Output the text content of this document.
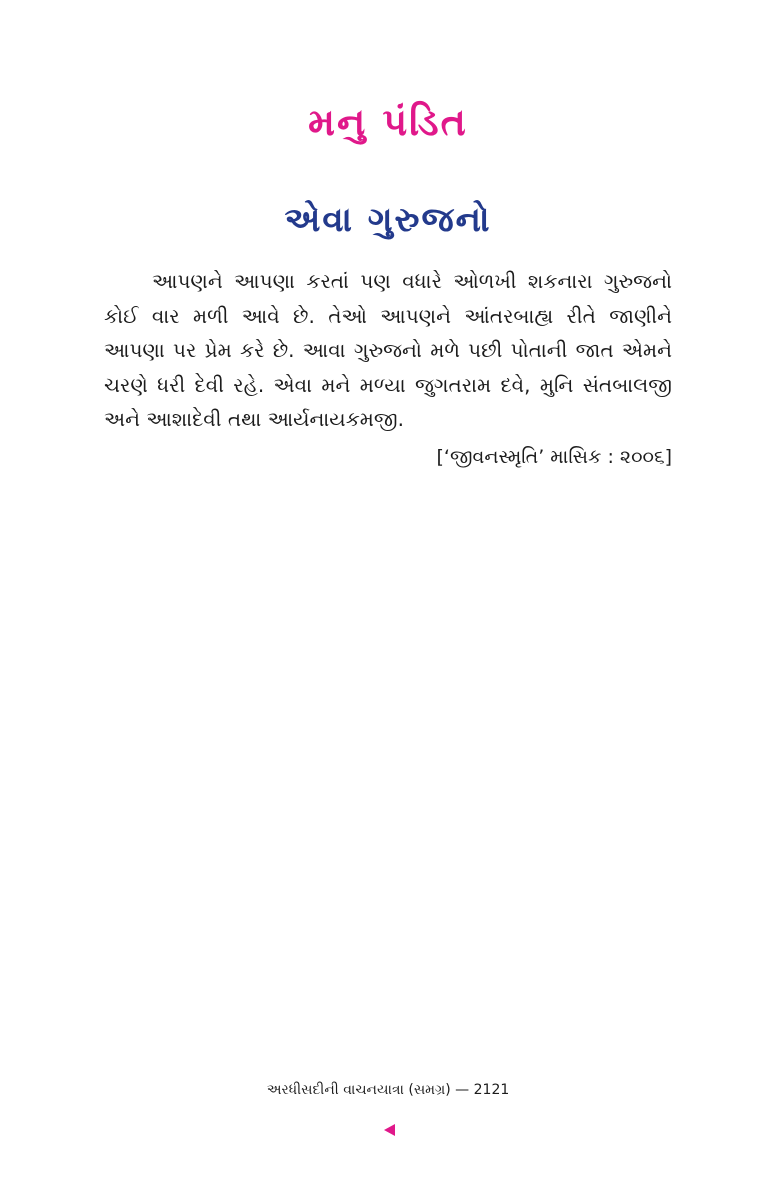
મનુ પંડિત
એવા ગુરુજનો
આપણને આપણા કરતાં પણ વધારે ઓળખી શકનારા ગુરુજનો કોઈ વાર મળી આવે છે. તેઓ આપણને આંતરબાહ્ય રીતે જાણીને આપણા પર પ્રેમ કરે છે. આવા ગુરુજનો મળે પછી પોતાની જાત એમને ચરણે ધરી દેવી રહે. એવા મને મળ્યા જુગતરામ દવે, મુનિ સંતબાલજી અને આશાદેવી તથા આર્યનાયકમજી.
[‘જીવનસ્મૃતિ’ માસિક : ૨૦૦૬]
અરધીસદીની વાચનયાત્રા (સમગ્ર) — 2121
